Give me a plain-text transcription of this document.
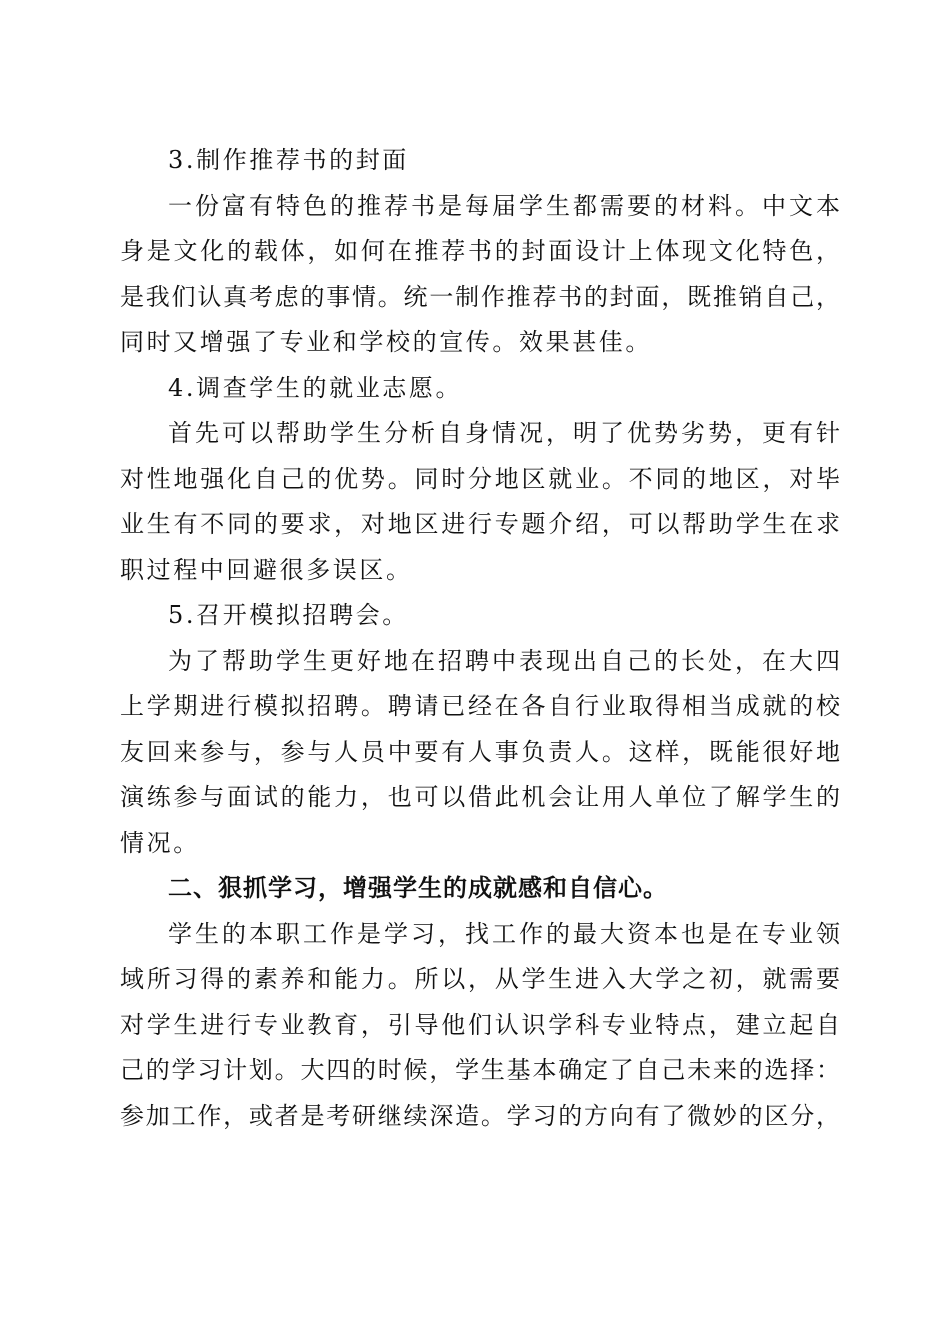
3.制作推荐书的封面
一份富有特色的推荐书是每届学生都需要的材料。中文本
身是文化的载体，如何在推荐书的封面设计上体现文化特色，
是我们认真考虑的事情。统一制作推荐书的封面，既推销自己，
同时又增强了专业和学校的宣传。效果甚佳。
4.调查学生的就业志愿。
首先可以帮助学生分析自身情况，明了优势劣势，更有针
对性地强化自己的优势。同时分地区就业。不同的地区，对毕
业生有不同的要求，对地区进行专题介绍，可以帮助学生在求
职过程中回避很多误区。
5.召开模拟招聘会。
为了帮助学生更好地在招聘中表现出自己的长处，在大四
上学期进行模拟招聘。聘请已经在各自行业取得相当成就的校
友回来参与，参与人员中要有人事负责人。这样，既能很好地
演练参与面试的能力，也可以借此机会让用人单位了解学生的
情况。
二、狠抓学习，增强学生的成就感和自信心。
学生的本职工作是学习，找工作的最大资本也是在专业领
域所习得的素养和能力。所以，从学生进入大学之初，就需要
对学生进行专业教育，引导他们认识学科专业特点，建立起自
己的学习计划。大四的时候，学生基本确定了自己未来的选择：
参加工作，或者是考研继续深造。学习的方向有了微妙的区分，
